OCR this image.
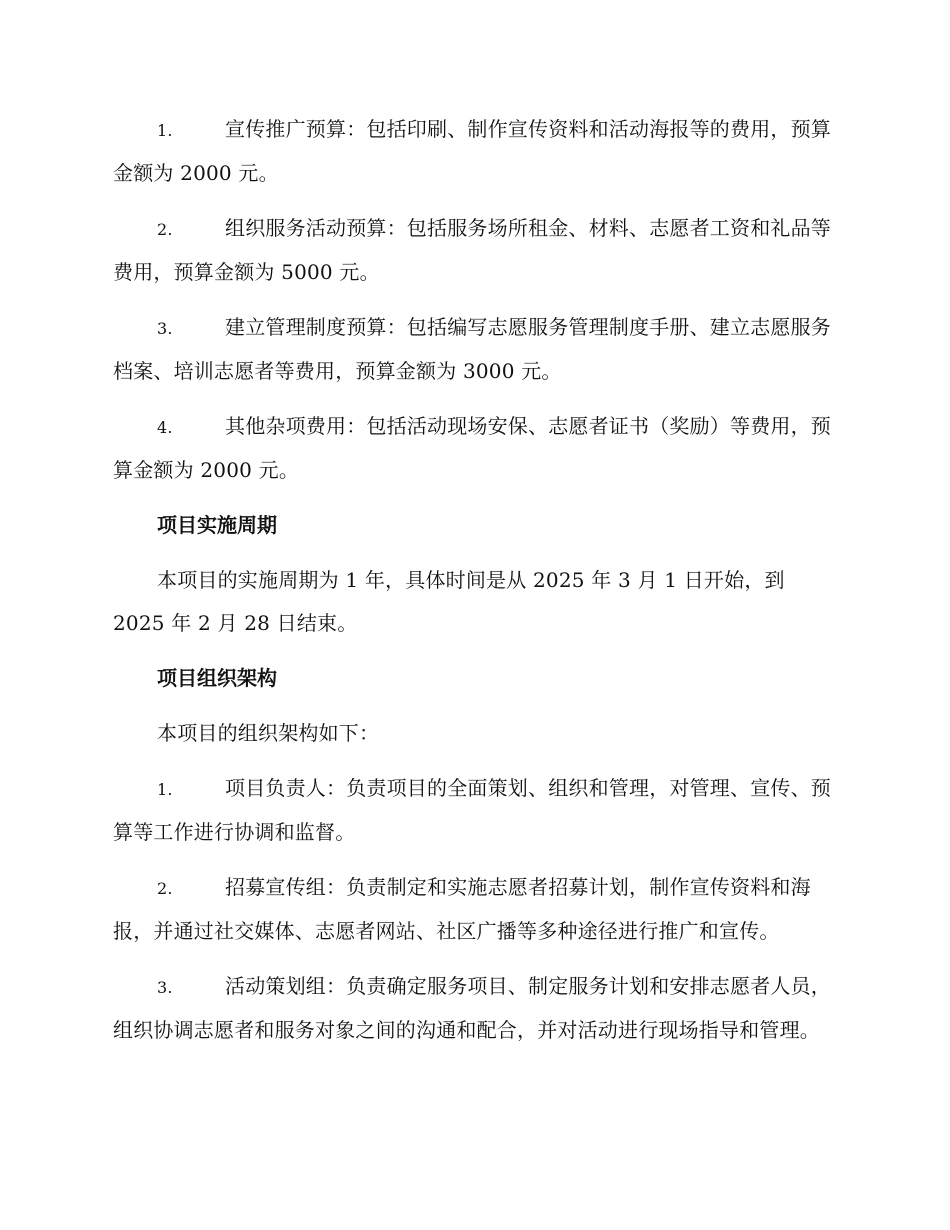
1.	宣传推广预算：包括印刷、制作宣传资料和活动海报等的费用，预算金额为 2000 元。

2.	组织服务活动预算：包括服务场所租金、材料、志愿者工资和礼品等费用，预算金额为 5000 元。

3.	建立管理制度预算：包括编写志愿服务管理制度手册、建立志愿服务档案、培训志愿者等费用，预算金额为 3000 元。

4.	其他杂项费用：包括活动现场安保、志愿者证书（奖励）等费用，预算金额为 2000 元。

项目实施周期

本项目的实施周期为 1 年，具体时间是从 2025 年 3 月 1 日开始，到 2025 年 2 月 28 日结束。

项目组织架构

本项目的组织架构如下：

1.	项目负责人：负责项目的全面策划、组织和管理，对管理、宣传、预算等工作进行协调和监督。

2.	招募宣传组：负责制定和实施志愿者招募计划，制作宣传资料和海报，并通过社交媒体、志愿者网站、社区广播等多种途径进行推广和宣传。

3.	活动策划组：负责确定服务项目、制定服务计划和安排志愿者人员，组织协调志愿者和服务对象之间的沟通和配合，并对活动进行现场指导和管理。
